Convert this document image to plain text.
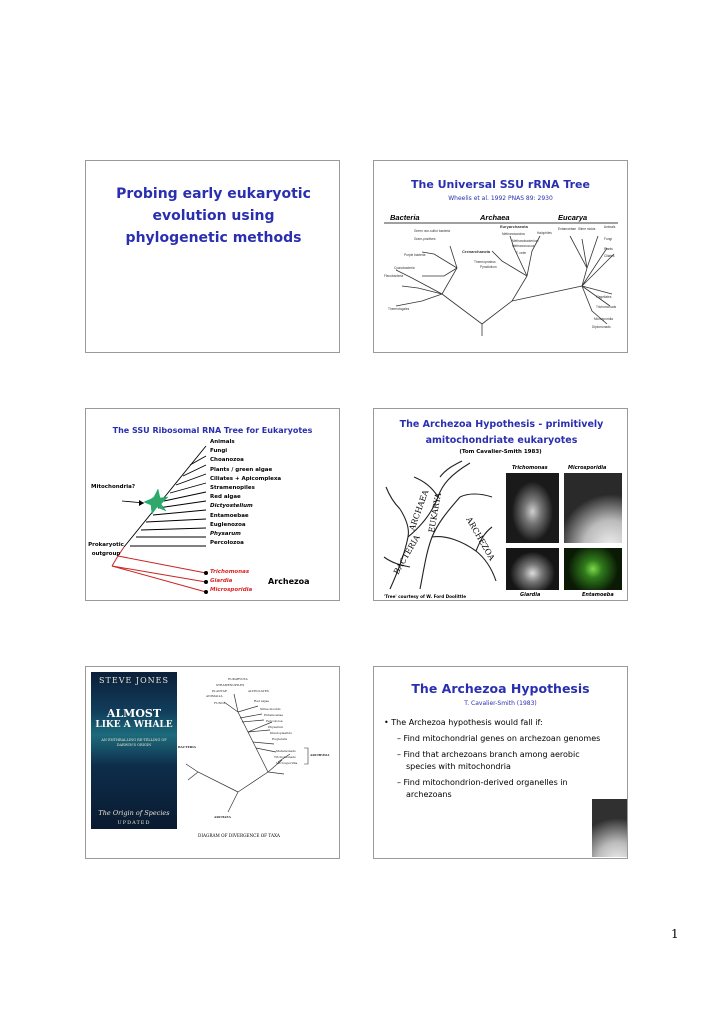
Probing early eukaryotic evolution using phylogenetic methods
The Universal SSU rRNA Tree
Wheelis et al. 1992 PNAS 89: 2930
Bacteria	Archaea	Eucarya
Green non-sulfur bacteria
Gram-positives
Purple bacteria
Cyanobacteria
Flavobacteria
Thermotogales
Crenarchaeota
Euryarchaeota
Methanosarcina
Methanobacterium
Methanococcus
Thermoproteus
Pyrodictium
T. celer
Halophiles
Entamoebae Slime molds	Animals
Fungi
Plants
Ciliates
Flagellates
Trichomonads
Microsporidia
Diplomonads
The SSU Ribosomal RNA Tree for Eukaryotes
Animals
Fungi
Choanozoa
Plants / green algae
Ciliates + Apicomplexa
Stramenopiles
Red algae
Dictyostelium
Entamoebae
Euglenozoa
Physarum
Percolozoa
Trichomonas
Giardia
Microsporidia
Mitochondria?
Prokaryotic outgroup
Archezoa
The Archezoa Hypothesis - primitively amitochondriate eukaryotes
(Tom Cavalier-Smith 1983)
BACTERIA
ARCHAEA
EUKARYA
ARCHEZOA
Trichomonas	Microsporidia
Giardia	Entamoeba
'Tree' courtesy of W. Ford Doolittle
STEVE JONES
ALMOST
LIKE A WHALE
AN ENTHRALLING RE-TELLING OF DARWIN'S ORIGIN
The Origin of Species
UPDATED
EUKARYOTA
STRAMENOPILES
PLANTAE	ALVEOLATES
ANIMALIA
Red algae
FUNGI
Slime moulds
Entamoebae
Percolozoa
Physarum
Kinetoplastids
Euglenids
BACTERIA
Metamonads
Trichomonads	ARCHEZOA
Microsporidia
ARCHAEA
DIAGRAM OF DIVERGENCE OF TAXA
The Archezoa Hypothesis
T. Cavalier-Smith (1983)
• The Archezoa hypothesis would fall if:
– Find mitochondrial genes on archezoan genomes
– Find that archezoans branch among aerobic species with mitochondria
– Find mitochondrion-derived organelles in archezoans
1
